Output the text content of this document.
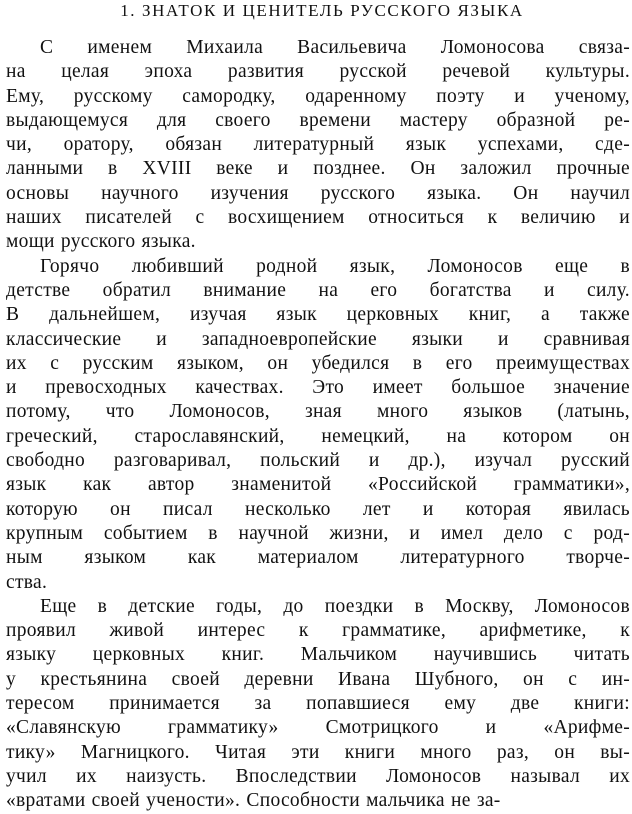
1. ЗНАТОК И ЦЕНИТЕЛЬ РУССКОГО ЯЗЫКА
С именем Михаила Васильевича Ломоносова связа-
на целая эпоха развития русской речевой культуры.
Ему, русскому самородку, одаренному поэту и ученому,
выдающемуся для своего времени мастеру образной ре-
чи, оратору, обязан литературный язык успехами, сде-
ланными в XVIII веке и позднее. Он заложил прочные
основы научного изучения русского языка. Он научил
наших писателей с восхищением относиться к величию и
мощи русского языка.
Горячо любивший родной язык, Ломоносов еще в
детстве обратил внимание на его богатства и силу.
В дальнейшем, изучая язык церковных книг, а также
классические и западноевропейские языки и сравнивая
их с русским языком, он убедился в его преимуществах
и превосходных качествах. Это имеет большое значение
потому, что Ломоносов, зная много языков (латынь,
греческий, старославянский, немецкий, на котором он
свободно разговаривал, польский и др.), изучал русский
язык как автор знаменитой «Российской грамматики»,
которую он писал несколько лет и которая явилась
крупным событием в научной жизни, и имел дело с род-
ным языком как материалом литературного творче-
ства.
Еще в детские годы, до поездки в Москву, Ломоносов
проявил живой интерес к грамматике, арифметике, к
языку церковных книг. Мальчиком научившись читать
у крестьянина своей деревни Ивана Шубного, он с ин-
тересом принимается за попавшиеся ему две книги:
«Славянскую грамматику» Смотрицкого и «Арифме-
тику» Магницкого. Читая эти книги много раз, он вы-
учил их наизусть. Впоследствии Ломоносов называл их
«вратами своей учености». Способности мальчика не за-
